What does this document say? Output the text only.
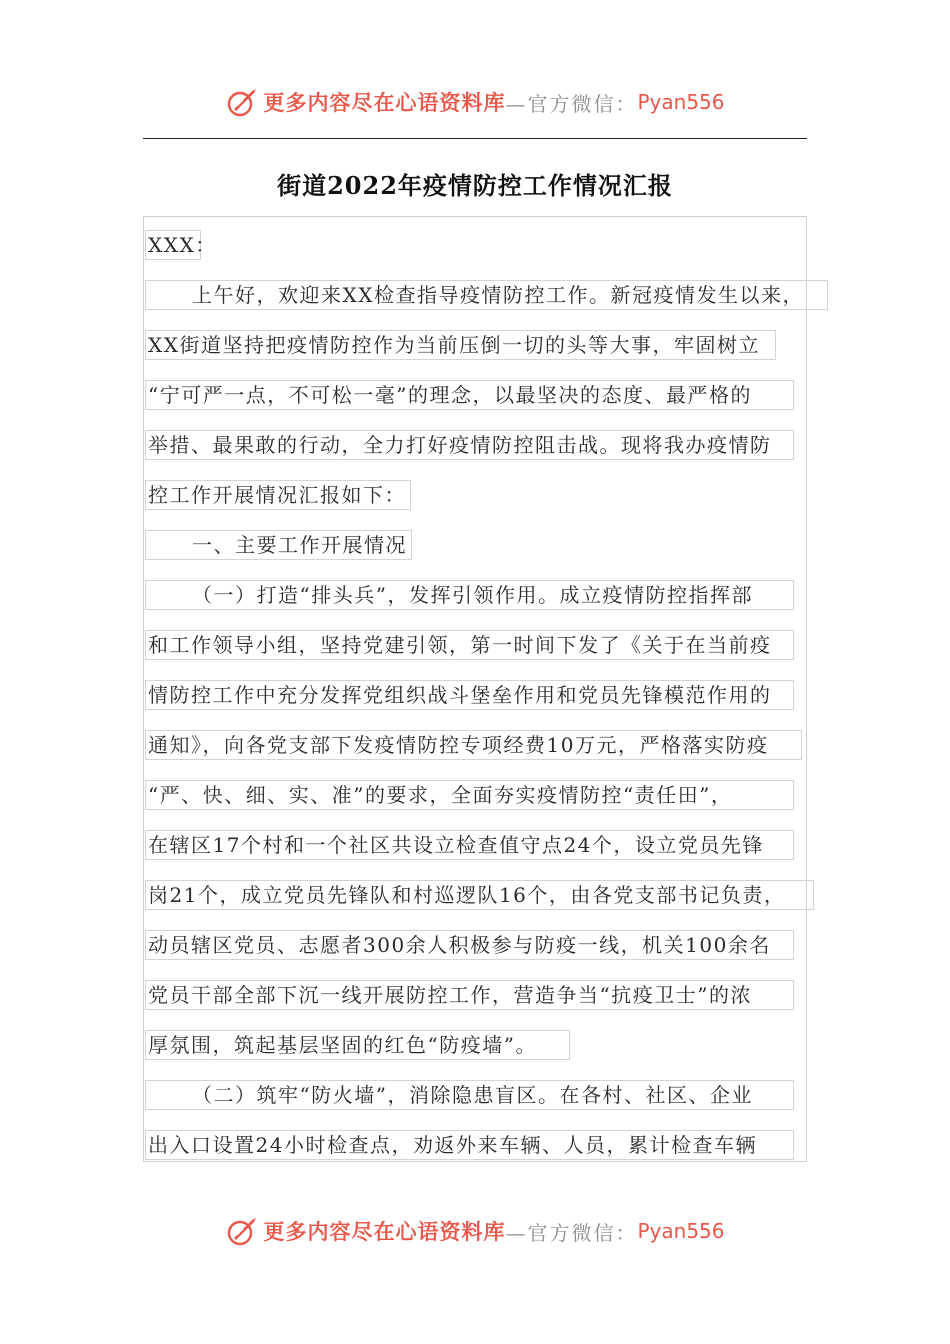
更多内容尽在心语资料库 —官方微信： Pyan556
街道2022年疫情防控工作情况汇报
XXX：
上午好，欢迎来XX检查指导疫情防控工作。新冠疫情发生以来，
XX街道坚持把疫情防控作为当前压倒一切的头等大事，牢固树立
“宁可严一点，不可松一毫”的理念，以最坚决的态度、最严格的
举措、最果敢的行动，全力打好疫情防控阻击战。现将我办疫情防
控工作开展情况汇报如下：
一、主要工作开展情况
（一）打造“排头兵”，发挥引领作用。成立疫情防控指挥部
和工作领导小组，坚持党建引领，第一时间下发了《关于在当前疫
情防控工作中充分发挥党组织战斗堡垒作用和党员先锋模范作用的
通知》，向各党支部下发疫情防控专项经费10万元，严格落实防疫
“严、快、细、实、准”的要求，全面夯实疫情防控“责任田”，
在辖区17个村和一个社区共设立检查值守点24个，设立党员先锋
岗21个，成立党员先锋队和村巡逻队16个，由各党支部书记负责，
动员辖区党员、志愿者300余人积极参与防疫一线，机关100余名
党员干部全部下沉一线开展防控工作，营造争当“抗疫卫士”的浓
厚氛围，筑起基层坚固的红色“防疫墙”。
（二）筑牢“防火墙”，消除隐患盲区。在各村、社区、企业
出入口设置24小时检查点，劝返外来车辆、人员，累计检查车辆
更多内容尽在心语资料库 —官方微信： Pyan556
